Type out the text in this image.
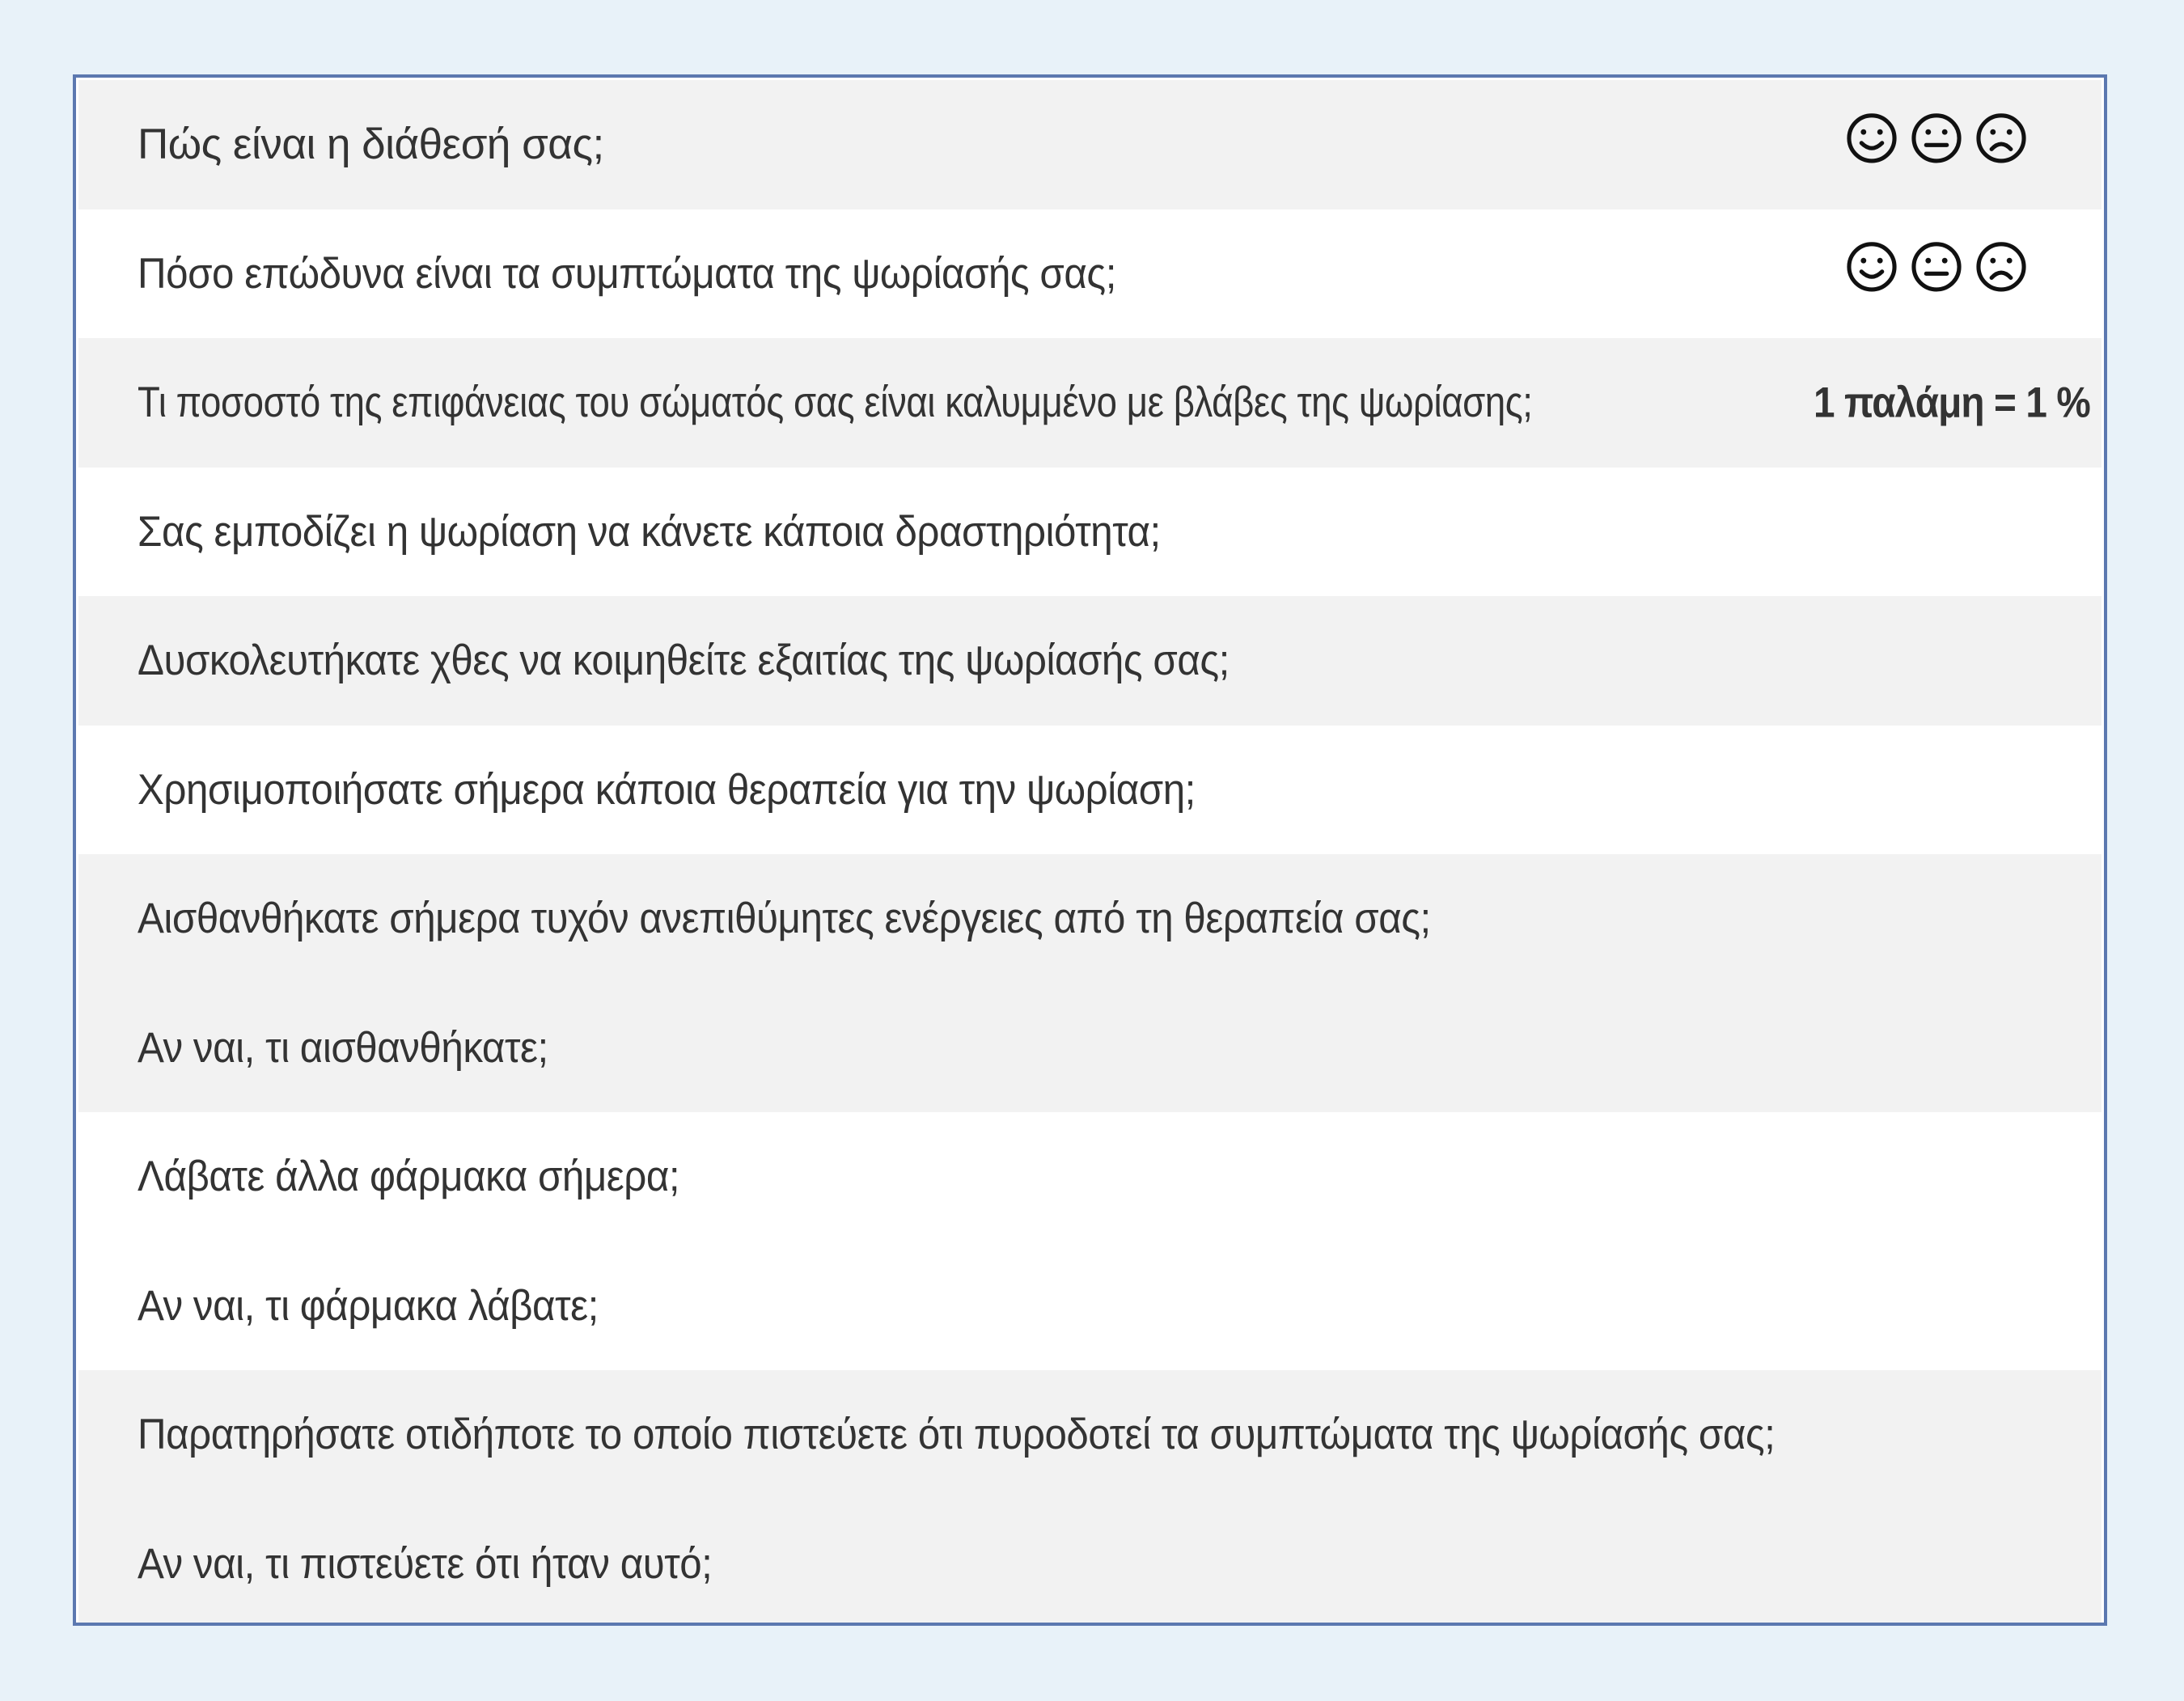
Πώς είναι η διάθεσή σας;
Πόσο επώδυνα είναι τα συμπτώματα της ψωρίασής σας;
Τι ποσοστό της επιφάνειας του σώματός σας είναι καλυμμένο με βλάβες της ψωρίασης;	1 παλάμη = 1 %
Σας εμποδίζει η ψωρίαση να κάνετε κάποια δραστηριότητα;
Δυσκολευτήκατε χθες να κοιμηθείτε εξαιτίας της ψωρίασής σας;
Χρησιμοποιήσατε σήμερα κάποια θεραπεία για την ψωρίαση;
Αισθανθήκατε σήμερα τυχόν ανεπιθύμητες ενέργειες από τη θεραπεία σας;
Αν ναι, τι αισθανθήκατε;
Λάβατε άλλα φάρμακα σήμερα;
Αν ναι, τι φάρμακα λάβατε;
Παρατηρήσατε οτιδήποτε το οποίο πιστεύετε ότι πυροδοτεί τα συμπτώματα της ψωρίασής σας;
Αν ναι, τι πιστεύετε ότι ήταν αυτό;
